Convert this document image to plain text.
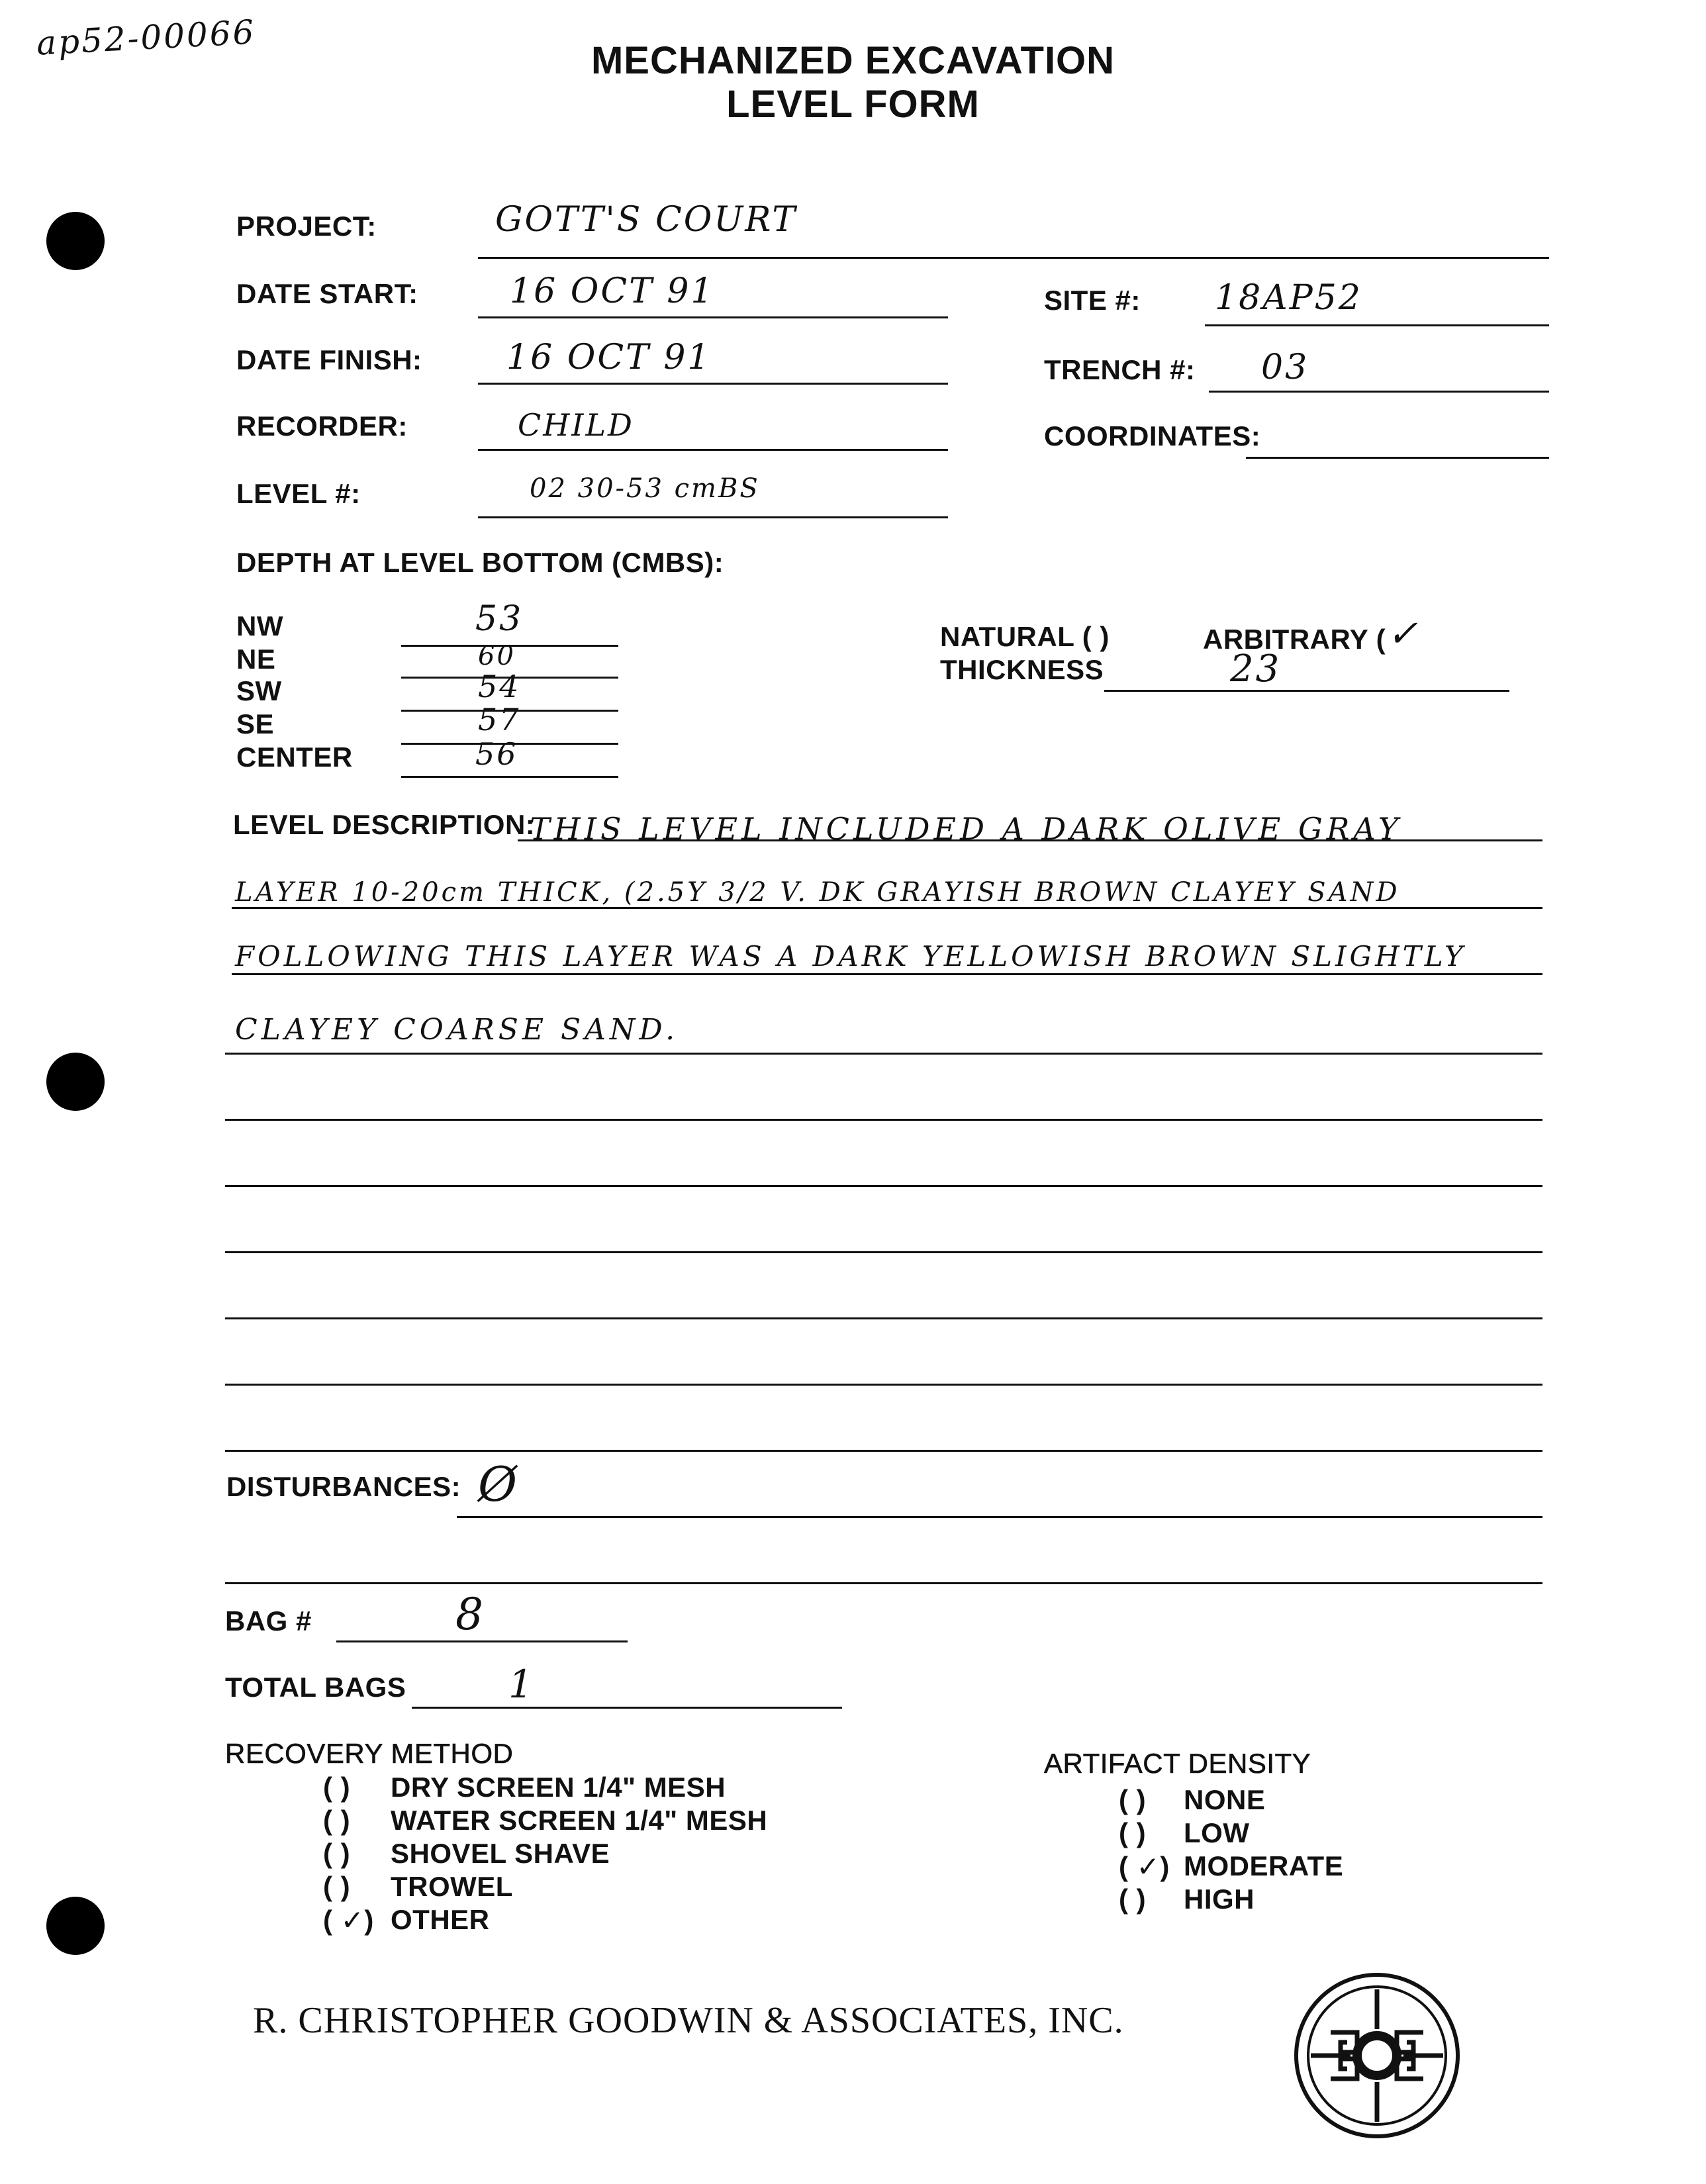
ap52-00066	MECHANIZED EXCAVATION
LEVEL FORM
PROJECT:	GOTT'S COURT
DATE START:	16 OCT 91	SITE #: 18AP52
DATE FINISH: 16 OCT 91	TRENCH #: 03
RECORDER:	CHILD	COORDINATES:
LEVEL #:	02 30-53 cmBS
DEPTH AT LEVEL BOTTOM (CMBS):
NW	53
NE	60
SW	54
SE	57
CENTER	56
NATURAL ( )	ARBITRARY ( ✓
THICKNESS	23
LEVEL DESCRIPTION:
THIS LEVEL INCLUDED A DARK OLIVE GRAY
LAYER 10-20cm THICK, (2.5Y 3/2 V. DK GRAYISH BROWN CLAYEY SAND
FOLLOWING THIS LAYER WAS A DARK YELLOWISH BROWN SLIGHTLY
CLAYEY COARSE SAND.
DISTURBANCES: Ø
BAG #	8
TOTAL BAGS	1
RECOVERY METHOD
( ) DRY SCREEN 1/4" MESH
( ) WATER SCREEN 1/4" MESH
( ) SHOVEL SHAVE
( ) TROWEL
( ✓) OTHER
ARTIFACT DENSITY
( ) NONE
( ) LOW
( ✓) MODERATE
( ) HIGH
R. CHRISTOPHER GOODWIN & ASSOCIATES, INC.
